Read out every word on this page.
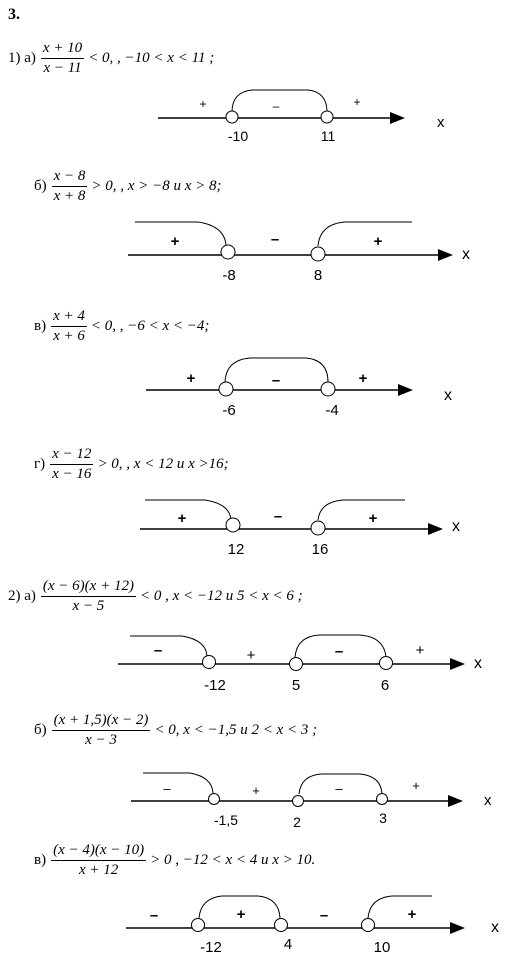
3.
1) $а) \frac{x + 10}{x - 11} < 0$, , −10 < x < 11 ;
+	–	+
-10	11
x
$б) \frac{x - 8}{x + 8} > 0$, , x > −8 и x > 8;
+	–	+
-8	8
x
$в) \frac{x + 4}{x + 6} < 0$, , −6 < x < −4;
+	–	+
-6	-4
x
$г) \frac{x - 12}{x - 16} > 0$, , x < 12 и x >16;
+	–	+
12	16
x
2) $а) \frac{(x - 6)(x + 12)}{x - 5} < 0$ , x < −12 и 5 < x < 6 ;
–	+	–	+
-12	5	6
x
$б) \frac{(x + 1,5)(x - 2)}{x - 3} < 0$, x < −1,5 и 2 < x < 3 ;
–	+	–	+
-1,5	2	3
x
$в) \frac{(x - 4)(x - 10)}{x + 12} > 0$ , −12 < x < 4 и x > 10.
–	+	–	+
-12	4	10
x
